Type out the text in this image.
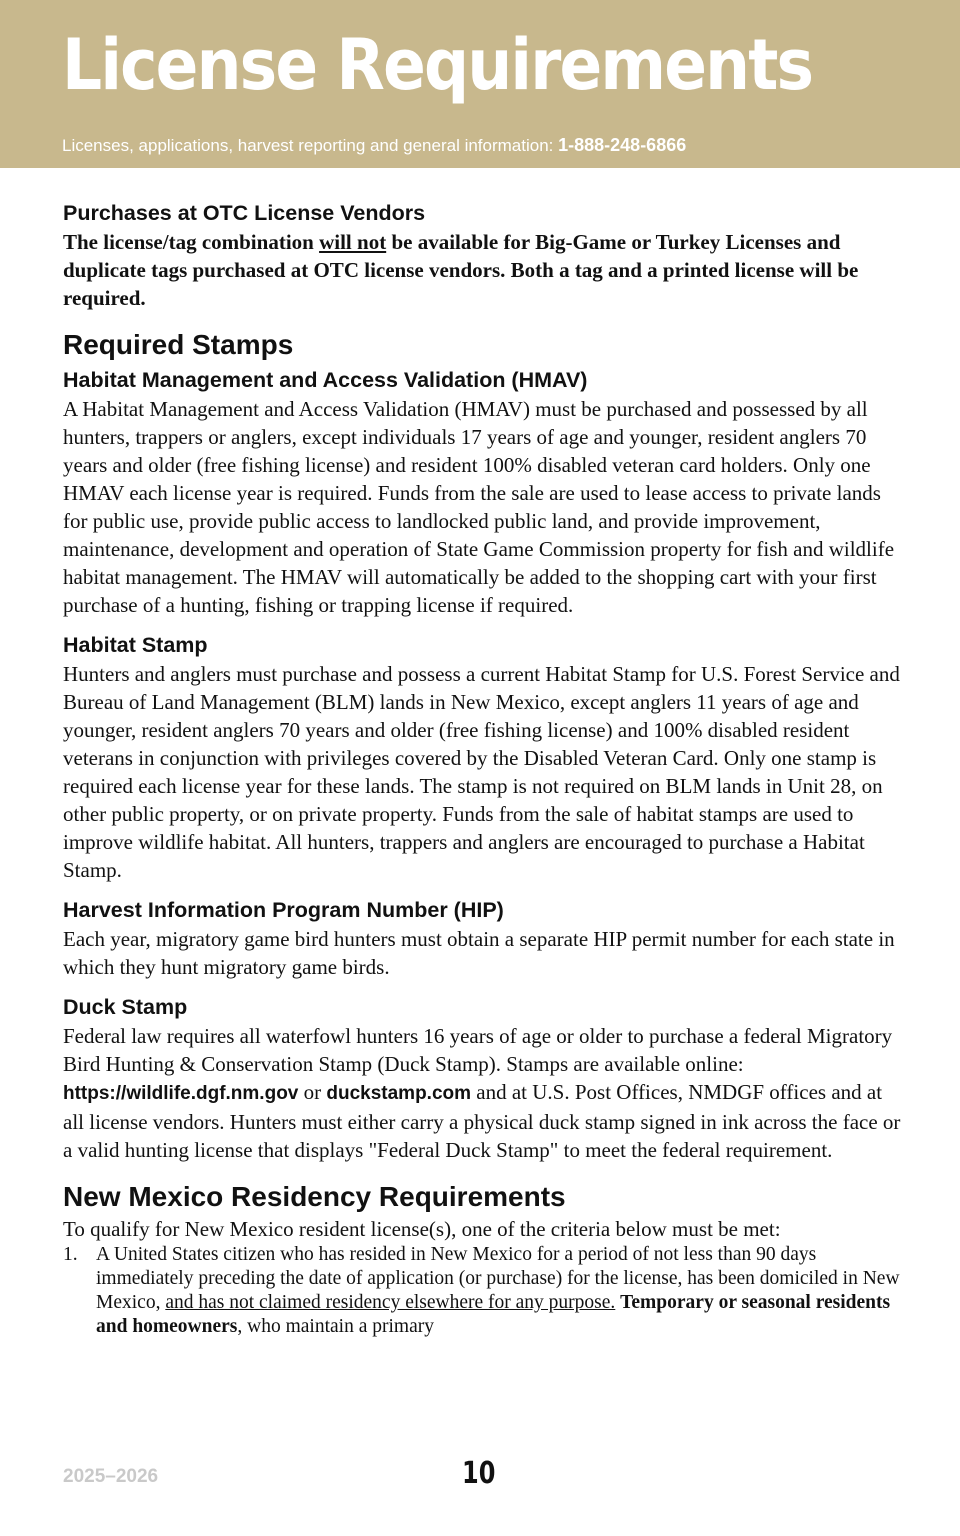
License Requirements
Licenses, applications, harvest reporting and general information: 1-888-248-6866
Purchases at OTC License Vendors
The license/tag combination will not be available for Big-Game or Turkey Licenses and duplicate tags purchased at OTC license vendors. Both a tag and a printed license will be required.
Required Stamps
Habitat Management and Access Validation (HMAV)
A Habitat Management and Access Validation (HMAV) must be purchased and possessed by all hunters, trappers or anglers, except individuals 17 years of age and younger, resident anglers 70 years and older (free fishing license) and resident 100% disabled veteran card holders. Only one HMAV each license year is required. Funds from the sale are used to lease access to private lands for public use, provide public access to landlocked public land, and provide improvement, maintenance, development and operation of State Game Commission property for fish and wildlife habitat management. The HMAV will automatically be added to the shopping cart with your first purchase of a hunting, fishing or trapping license if required.
Habitat Stamp
Hunters and anglers must purchase and possess a current Habitat Stamp for U.S. Forest Service and Bureau of Land Management (BLM) lands in New Mexico, except anglers 11 years of age and younger, resident anglers 70 years and older (free fishing license) and 100% disabled resident veterans in conjunction with privileges covered by the Disabled Veteran Card. Only one stamp is required each license year for these lands. The stamp is not required on BLM lands in Unit 28, on other public property, or on private property. Funds from the sale of habitat stamps are used to improve wildlife habitat. All hunters, trappers and anglers are encouraged to purchase a Habitat Stamp.
Harvest Information Program Number (HIP)
Each year, migratory game bird hunters must obtain a separate HIP permit number for each state in which they hunt migratory game birds.
Duck Stamp
Federal law requires all waterfowl hunters 16 years of age or older to purchase a federal Migratory Bird Hunting & Conservation Stamp (Duck Stamp). Stamps are available online: https://wildlife.dgf.nm.gov or duckstamp.com and at U.S. Post Offices, NMDGF offices and at all license vendors. Hunters must either carry a physical duck stamp signed in ink across the face or a valid hunting license that displays "Federal Duck Stamp" to meet the federal requirement.
New Mexico Residency Requirements
To qualify for New Mexico resident license(s), one of the criteria below must be met:
1. A United States citizen who has resided in New Mexico for a period of not less than 90 days immediately preceding the date of application (or purchase) for the license, has been domiciled in New Mexico, and has not claimed residency elsewhere for any purpose. Temporary or seasonal residents and homeowners, who maintain a primary
2025–2026	10
